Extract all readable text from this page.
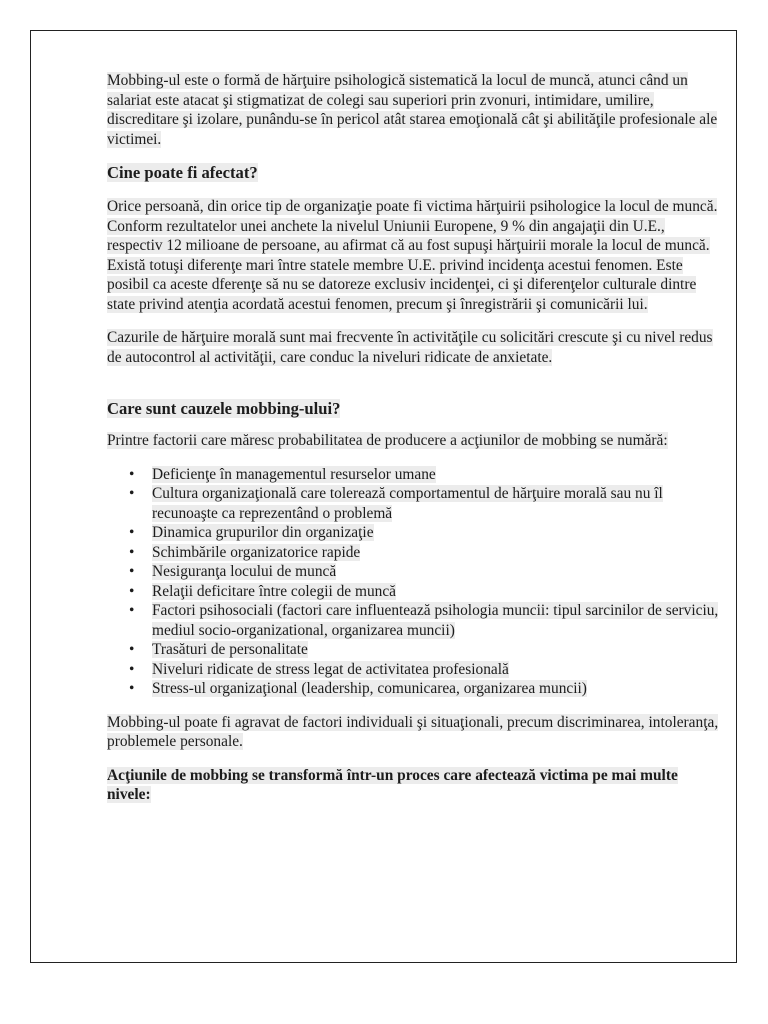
Mobbing-ul este o formă de hărţuire psihologică sistematică la locul de muncă, atunci când un salariat este atacat şi stigmatizat de colegi sau superiori prin zvonuri, intimidare, umilire, discreditare şi izolare, punându-se în pericol atât starea emoţională cât şi abilităţile profesionale ale victimei.

Cine poate fi afectat?

Orice persoană, din orice tip de organizaţie poate fi victima hărţuirii psihologice la locul de muncă. Conform rezultatelor unei anchete la nivelul Uniunii Europene, 9 % din angajaţii din U.E., respectiv 12 milioane de persoane, au afirmat că au fost supuşi hărţuirii morale la locul de muncă. Există totuşi diferenţe mari între statele membre U.E. privind incidenţa acestui fenomen. Este posibil ca aceste dferenţe să nu se datoreze exclusiv incidenţei, ci şi diferenţelor culturale dintre state privind atenţia acordată acestui fenomen, precum şi înregistrării şi comunicării lui.

Cazurile de hărţuire morală sunt mai frecvente în activităţile cu solicitări crescute şi cu nivel redus de autocontrol al activităţii, care conduc la niveluri ridicate de anxietate.

Care sunt cauzele mobbing-ului?

Printre factorii care măresc probabilitatea de producere a acţiunilor de mobbing se numără:

• Deficienţe în managementul resurselor umane
• Cultura organizaţională care tolerează comportamentul de hărţuire morală sau nu îl recunoaşte ca reprezentând o problemă
• Dinamica grupurilor din organizaţie
• Schimbările organizatorice rapide
• Nesiguranţa locului de muncă
• Relaţii deficitare între colegii de muncă
• Factori psihosociali (factori care influentează psihologia muncii: tipul sarcinilor de serviciu, mediul socio-organizational, organizarea muncii)
• Trasături de personalitate
• Niveluri ridicate de stress legat de activitatea profesională
• Stress-ul organizaţional (leadership, comunicarea, organizarea muncii)

Mobbing-ul poate fi agravat de factori individuali şi situaţionali, precum discriminarea, intoleranţa, problemele personale.

Acţiunile de mobbing se transformă într-un proces care afectează victima pe mai multe nivele:
